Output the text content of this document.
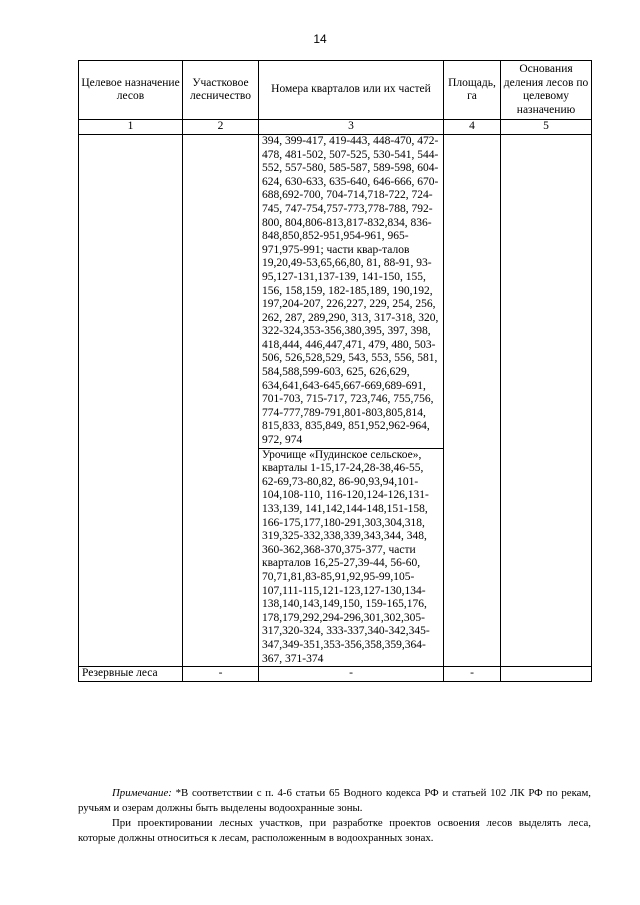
14
Целевое назначение лесов	Участковое лесничество	Номера кварталов или их частей	Площадь, га	Основания деления лесов по целевому назначению
1	2	3	4	5
		394, 399-417, 419-443, 448-470, 472-478, 481-502, 507-525, 530-541, 544-552, 557-580, 585-587, 589-598, 604-624, 630-633, 635-640, 646-666, 670-688,692-700, 704-714,718-722, 724-745, 747-754,757-773,778-788, 792-800, 804,806-813,817-832,834, 836-848,850,852-951,954-961, 965-971,975-991; части квар-талов 19,20,49-53,65,66,80, 81, 88-91, 93-95,127-131,137-139, 141-150, 155, 156, 158,159, 182-185,189, 190,192, 197,204-207, 226,227, 229, 254, 256, 262, 287, 289,290, 313, 317-318, 320, 322-324,353-356,380,395, 397, 398, 418,444, 446,447,471, 479, 480, 503-506, 526,528,529, 543, 553, 556, 581, 584,588,599-603, 625, 626,629, 634,641,643-645,667-669,689-691, 701-703, 715-717, 723,746, 755,756, 774-777,789-791,801-803,805,814, 815,833, 835,849, 851,952,962-964, 972, 974		
		Урочище «Пудинское сельское», кварталы 1-15,17-24,28-38,46-55, 62-69,73-80,82, 86-90,93,94,101-104,108-110, 116-120,124-126,131-133,139, 141,142,144-148,151-158, 166-175,177,180-291,303,304,318, 319,325-332,338,339,343,344, 348, 360-362,368-370,375-377, части кварталов 16,25-27,39-44, 56-60, 70,71,81,83-85,91,92,95-99,105-107,111-115,121-123,127-130,134-138,140,143,149,150, 159-165,176, 178,179,292,294-296,301,302,305-317,320-324, 333-337,340-342,345-347,349-351,353-356,358,359,364-367, 371-374		
Резервные леса	-	-	-	

Примечание: *В соответствии с п. 4-6 статьи 65 Водного кодекса РФ и статьей 102 ЛК РФ по рекам, ручьям и озерам должны быть выделены водоохранные зоны.

При проектировании лесных участков, при разработке проектов освоения лесов выделять леса, которые должны относиться к лесам, расположенным в водоохранных зонах.
